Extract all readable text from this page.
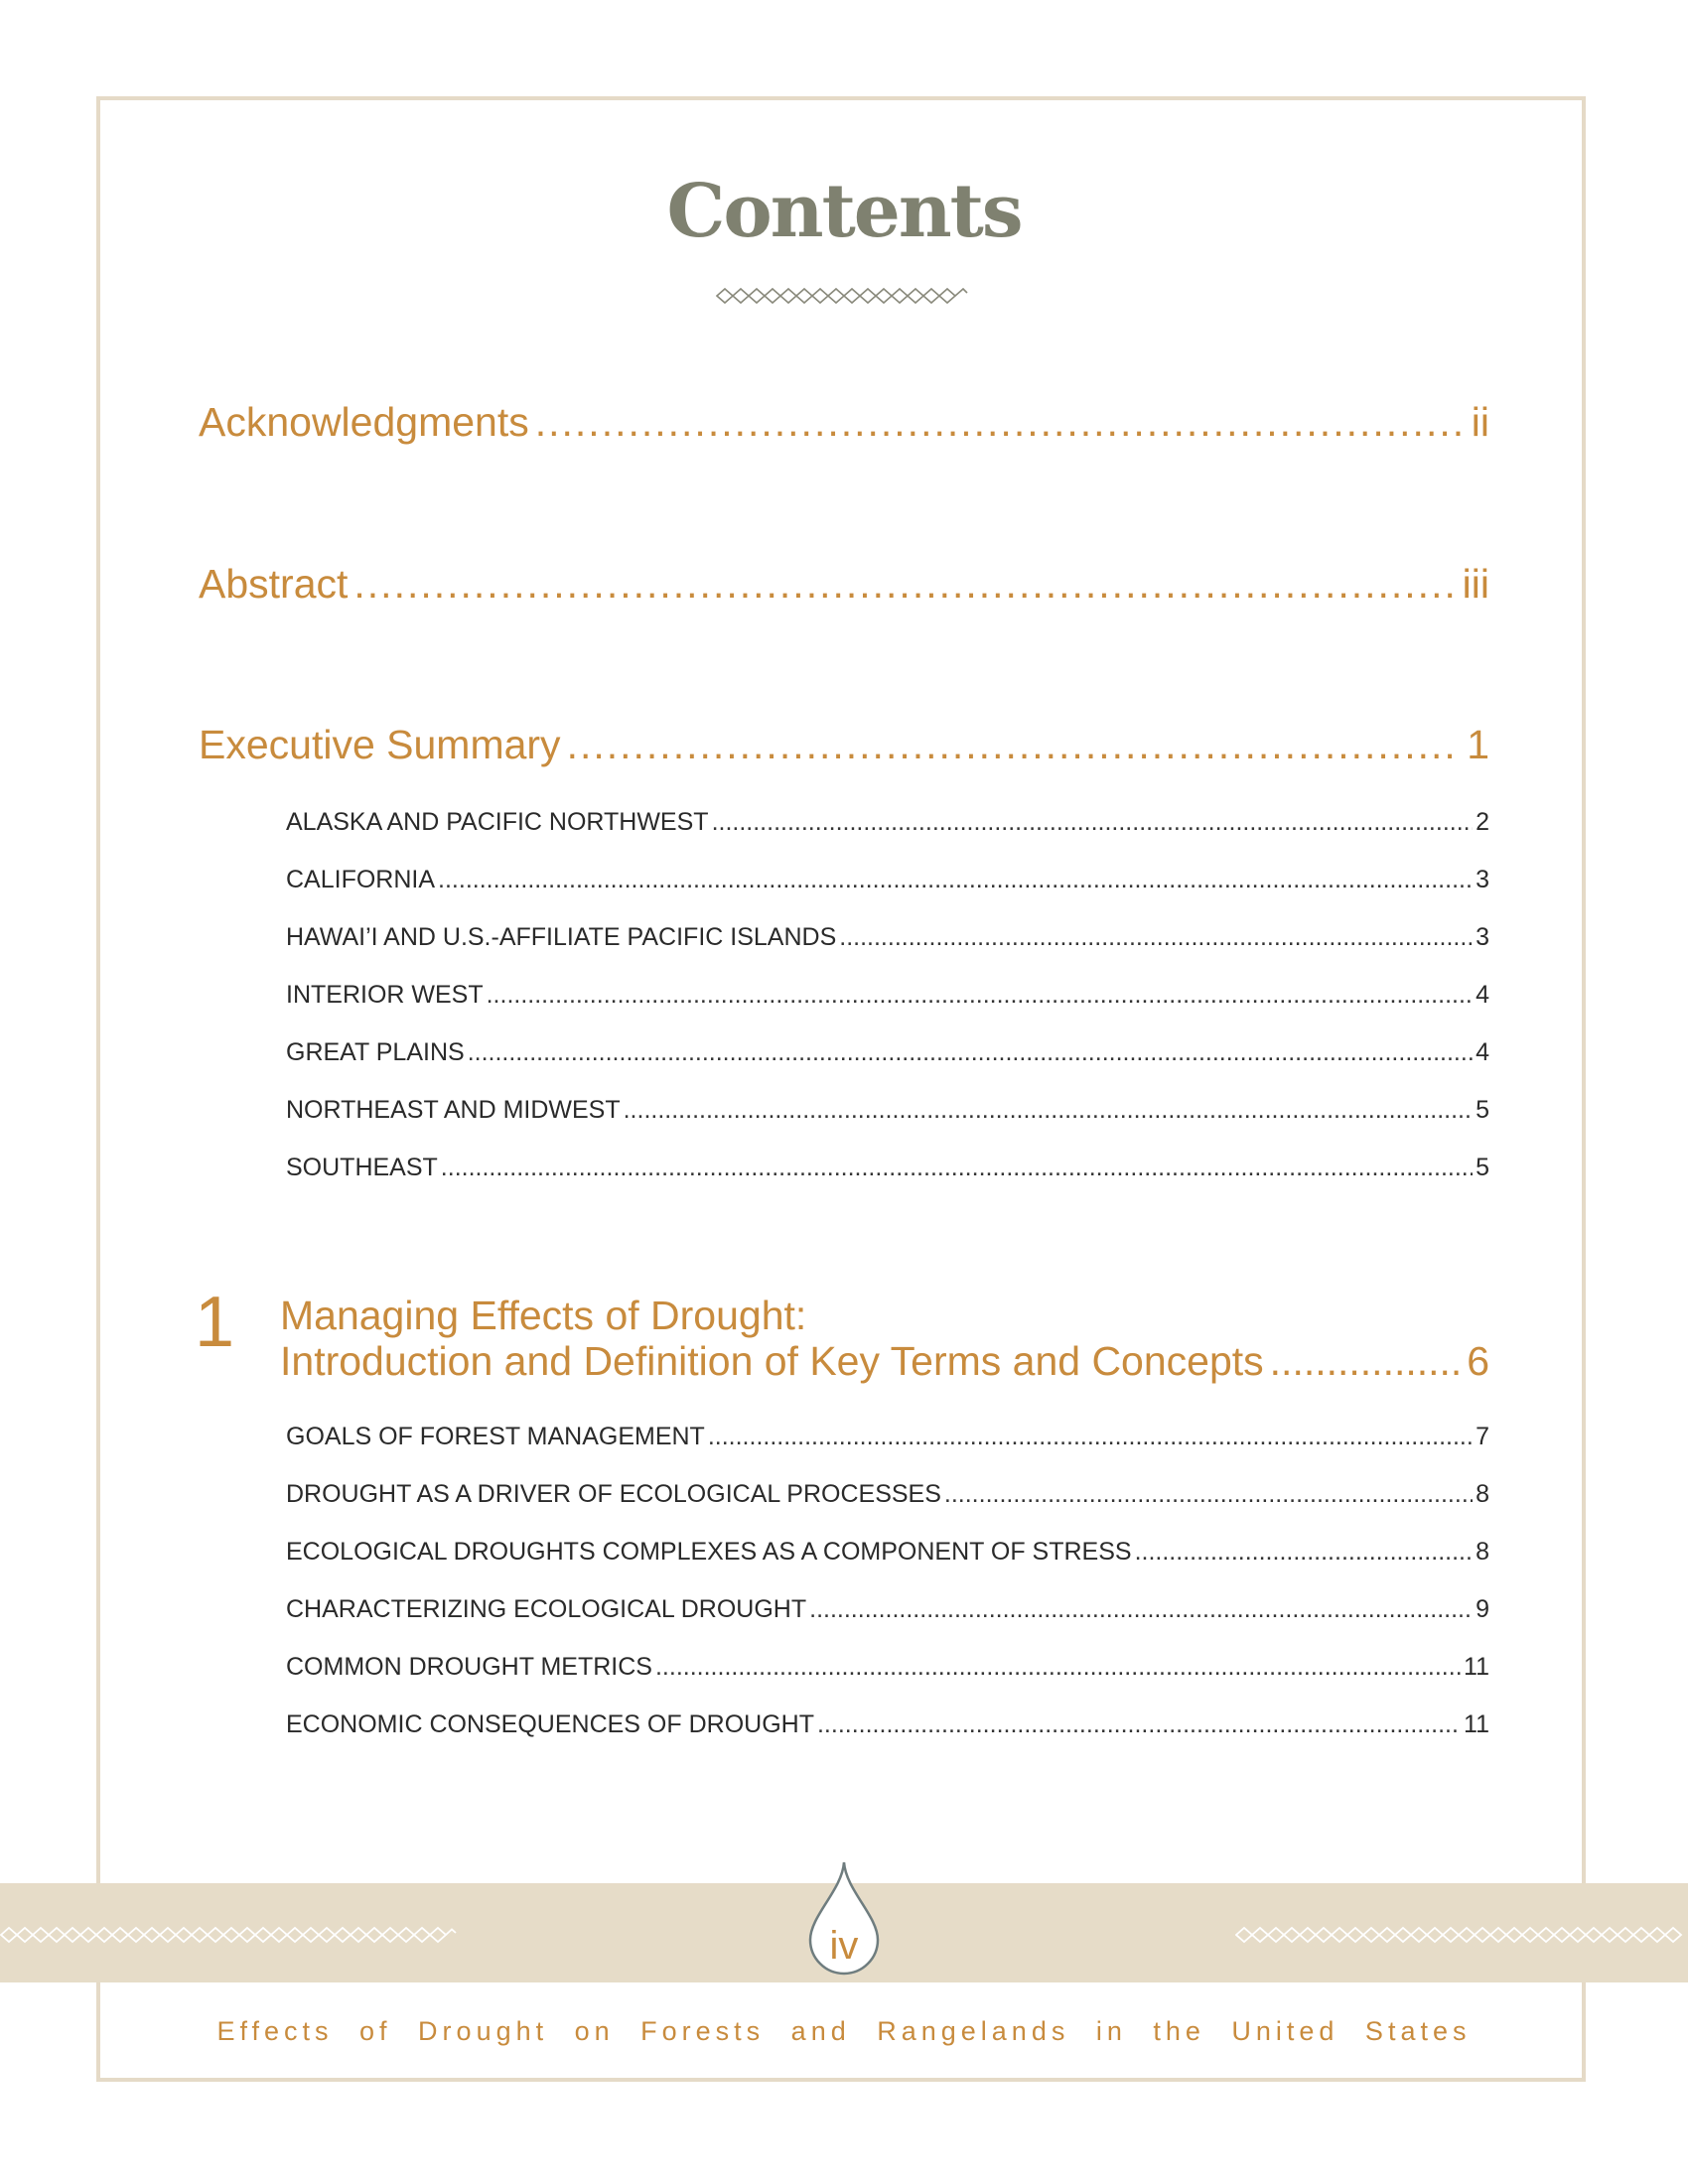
Contents
Acknowledgments .....	ii
Abstract .....	iii
Executive Summary .....	1
ALASKA AND PACIFIC NORTHWEST .....	2
CALIFORNIA .....	3
HAWAI’I AND U.S.-AFFILIATE PACIFIC ISLANDS .....	3
INTERIOR WEST .....	4
GREAT PLAINS .....	4
NORTHEAST AND MIDWEST .....	5
SOUTHEAST .....	5
1 Managing Effects of Drought:
Introduction and Definition of Key Terms and Concepts .....	6
GOALS OF FOREST MANAGEMENT .....	7
DROUGHT AS A DRIVER OF ECOLOGICAL PROCESSES .....	8
ECOLOGICAL DROUGHTS COMPLEXES AS A COMPONENT OF STRESS .....	8
CHARACTERIZING ECOLOGICAL DROUGHT .....	9
COMMON DROUGHT METRICS .....	11
ECONOMIC CONSEQUENCES OF DROUGHT .....	11
iv
Effects of Drought on Forests and Rangelands in the United States
